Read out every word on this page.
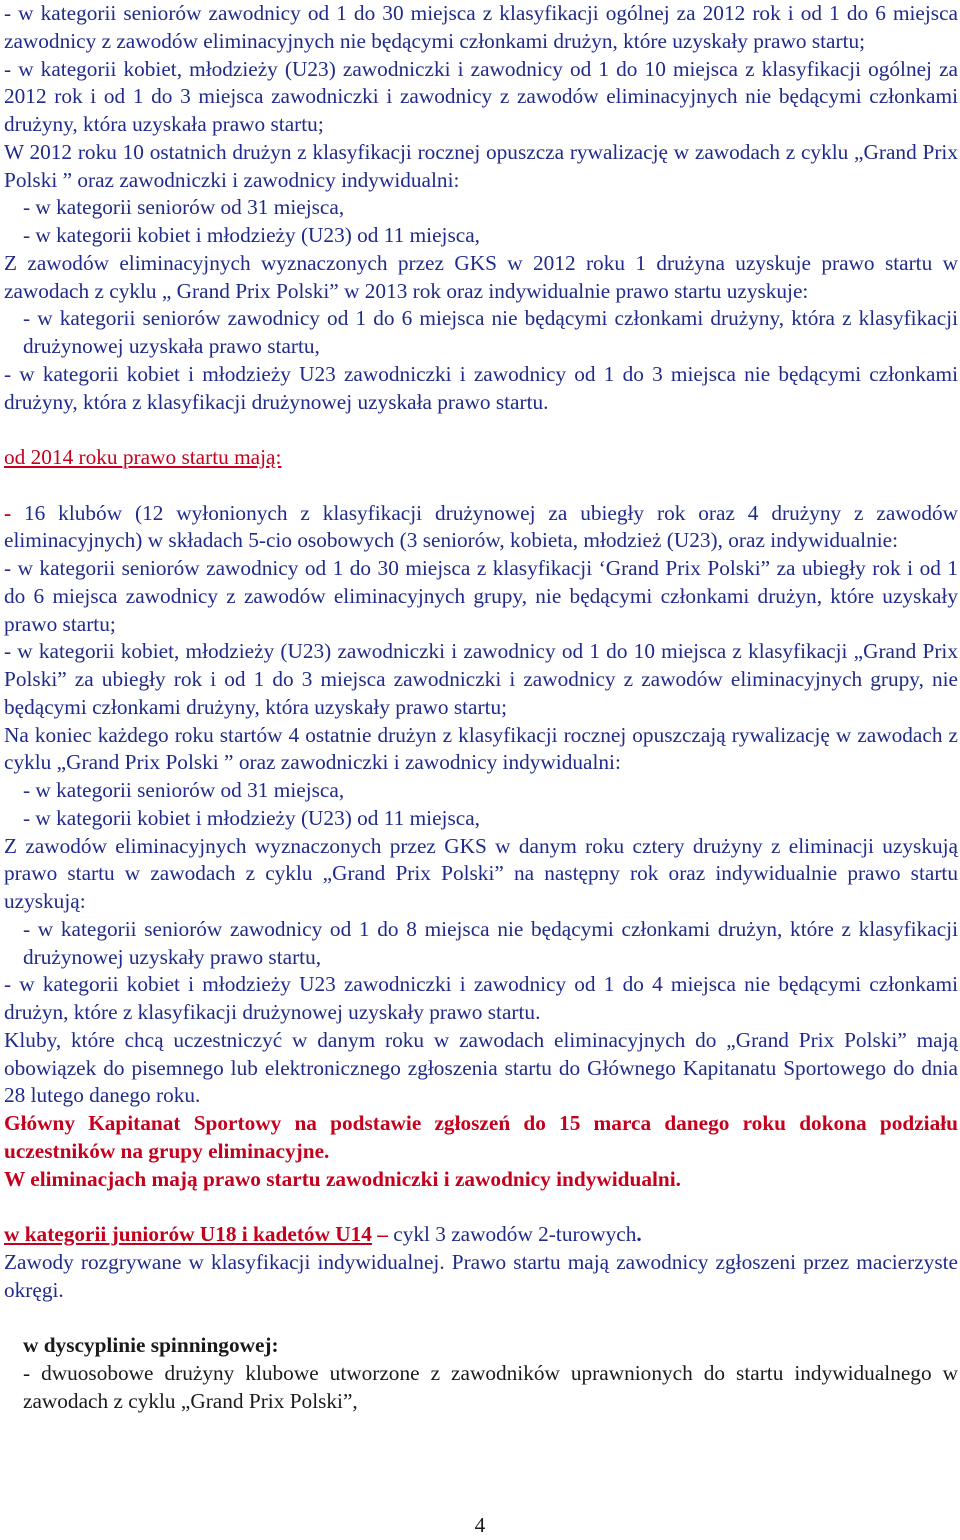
- w kategorii seniorów zawodnicy od 1 do 30 miejsca z klasyfikacji ogólnej za 2012 rok i od 1 do 6 miejsca zawodnicy z zawodów eliminacyjnych nie będącymi członkami drużyn, które uzyskały prawo startu;

- w kategorii kobiet, młodzieży (U23) zawodniczki i zawodnicy od 1 do 10 miejsca z klasyfikacji ogólnej za 2012 rok i od 1 do 3 miejsca zawodniczki i zawodnicy z zawodów eliminacyjnych nie będącymi członkami drużyny, która uzyskała prawo startu;

W 2012 roku 10 ostatnich drużyn z klasyfikacji rocznej opuszcza rywalizację w zawodach z cyklu „Grand Prix Polski ” oraz zawodniczki i zawodnicy indywidualni:

- w kategorii seniorów od 31 miejsca,

- w kategorii kobiet i młodzieży (U23) od 11 miejsca,

Z zawodów eliminacyjnych wyznaczonych przez GKS w 2012 roku 1 drużyna uzyskuje prawo startu w zawodach z cyklu „ Grand Prix Polski” w 2013 rok oraz indywidualnie prawo startu uzyskuje:

- w kategorii seniorów zawodnicy od 1 do 6 miejsca nie będącymi członkami drużyny, która z klasyfikacji drużynowej uzyskała prawo startu,

- w kategorii kobiet i młodzieży U23 zawodniczki i zawodnicy od 1 do 3 miejsca nie będącymi członkami drużyny, która z klasyfikacji drużynowej uzyskała prawo startu.

od 2014 roku prawo startu mają:

- 16 klubów (12 wyłonionych z klasyfikacji drużynowej za ubiegły rok oraz 4 drużyny z zawodów eliminacyjnych) w składach 5-cio osobowych (3 seniorów, kobieta, młodzież (U23), oraz indywidualnie:

- w kategorii seniorów zawodnicy od 1 do 30 miejsca z klasyfikacji ‘Grand Prix Polski” za ubiegły rok i od 1 do 6 miejsca zawodnicy z zawodów eliminacyjnych grupy, nie będącymi członkami drużyn, które uzyskały prawo startu;

- w kategorii kobiet, młodzieży (U23) zawodniczki i zawodnicy od 1 do 10 miejsca z klasyfikacji „Grand Prix Polski” za ubiegły rok i od 1 do 3 miejsca zawodniczki i zawodnicy z zawodów eliminacyjnych grupy, nie będącymi członkami drużyny, która uzyskały prawo startu;

Na koniec każdego roku startów 4 ostatnie drużyn z klasyfikacji rocznej opuszczają rywalizację w zawodach z cyklu „Grand Prix Polski ” oraz zawodniczki i zawodnicy indywidualni:

- w kategorii seniorów od 31 miejsca,

- w kategorii kobiet i młodzieży (U23) od 11 miejsca,

Z zawodów eliminacyjnych wyznaczonych przez GKS w danym roku cztery drużyny z eliminacji uzyskują prawo startu w zawodach z cyklu „Grand Prix Polski” na następny rok oraz indywidualnie prawo startu uzyskują:

- w kategorii seniorów zawodnicy od 1 do 8 miejsca nie będącymi członkami drużyn, które z klasyfikacji drużynowej uzyskały prawo startu,

- w kategorii kobiet i młodzieży U23 zawodniczki i zawodnicy od 1 do 4 miejsca nie będącymi członkami drużyn, które z klasyfikacji drużynowej uzyskały prawo startu.

Kluby, które chcą uczestniczyć w danym roku w zawodach eliminacyjnych do „Grand Prix Polski” mają obowiązek do pisemnego lub elektronicznego zgłoszenia startu do Głównego Kapitanatu Sportowego do dnia 28 lutego danego roku.

Główny Kapitanat Sportowy na podstawie zgłoszeń do 15 marca danego roku dokona podziału uczestników na grupy eliminacyjne.

W eliminacjach mają prawo startu zawodniczki i zawodnicy indywidualni.

w kategorii juniorów U18 i kadetów U14 – cykl 3 zawodów 2-turowych.

Zawody rozgrywane w klasyfikacji indywidualnej. Prawo startu mają zawodnicy zgłoszeni przez macierzyste okręgi.

w dyscyplinie spinningowej:

- dwuosobowe drużyny klubowe utworzone z zawodników uprawnionych do startu indywidualnego w zawodach z cyklu „Grand Prix Polski”,

4
